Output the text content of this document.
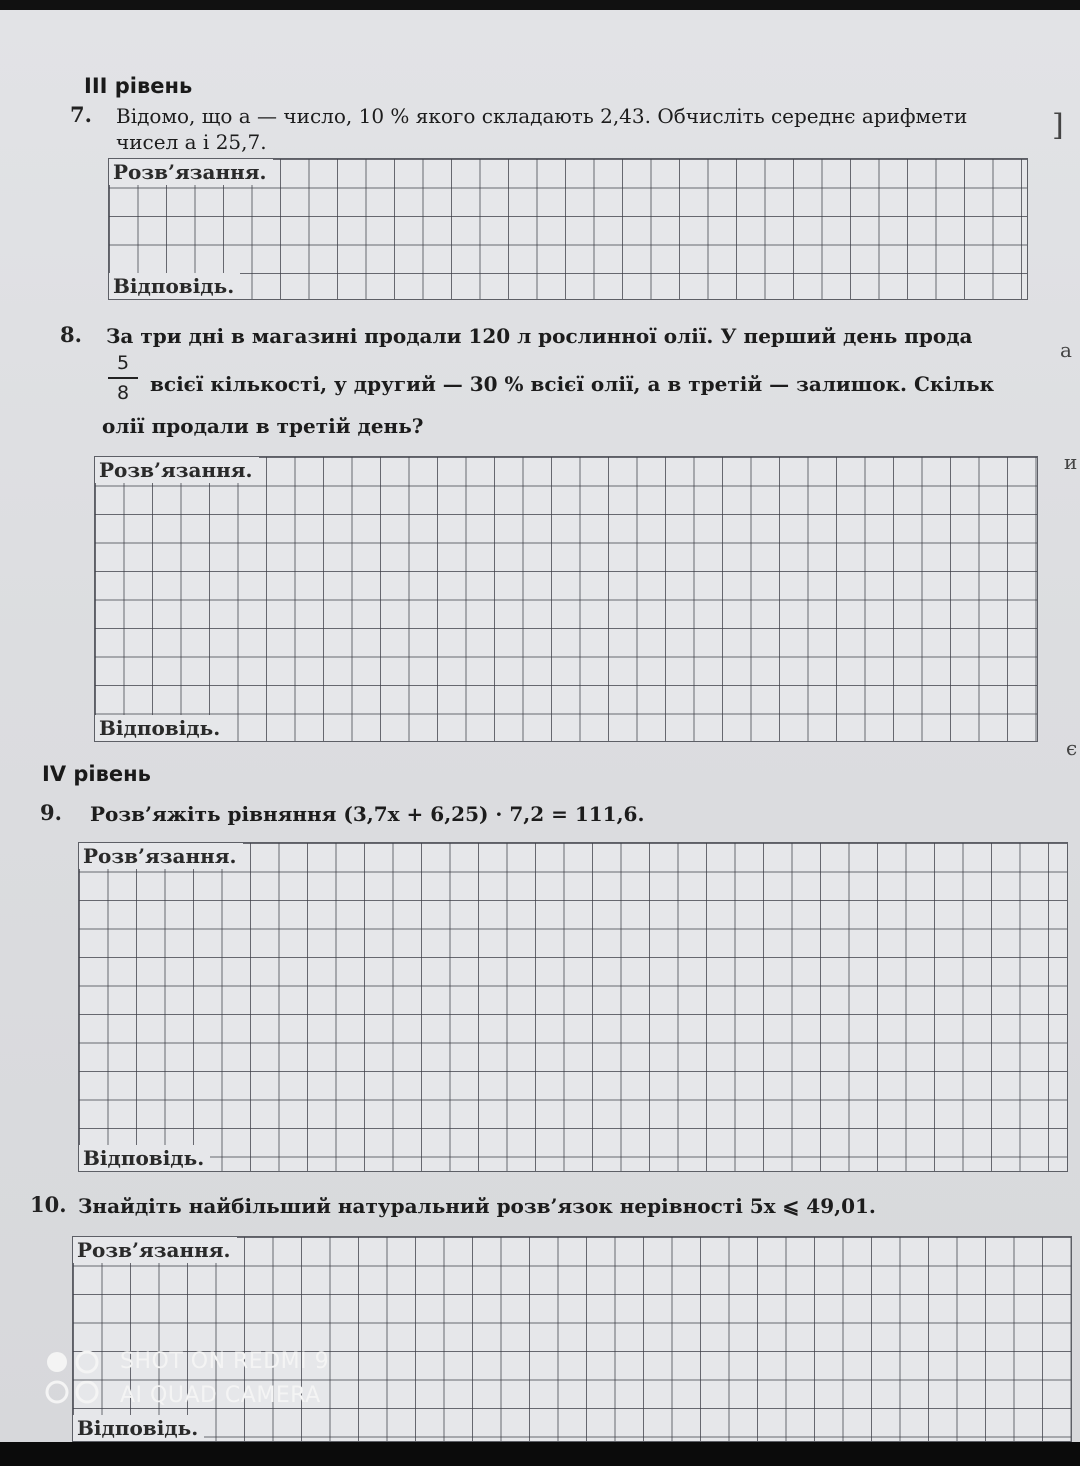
ІІІ рівень
7. Відомо, що a — число, 10 % якого складають 2,43. Обчисліть середнє арифмети
чисел a і 25,7.	]
Розв’язання.
Відповідь.
8. За три дні в магазині продали 120 л рослинної олії. У перший день прода
5
8	всієї кількості, у другий — 30 % всієї олії, а в третій — залишок. Скільк
олії продали в третій день?
а
и
Розв’язання.
Відповідь.
є
IV рівень
9. Розв’яжіть рівняння (3,7x + 6,25) · 7,2 = 111,6.
Розв’язання.
Відповідь.
10. Знайдіть найбільший натуральний розв’язок нерівності 5x ⩽ 49,01.
Розв’язання.
Відповідь.
SHOT ON REDMI 9
AI QUAD CAMERA
